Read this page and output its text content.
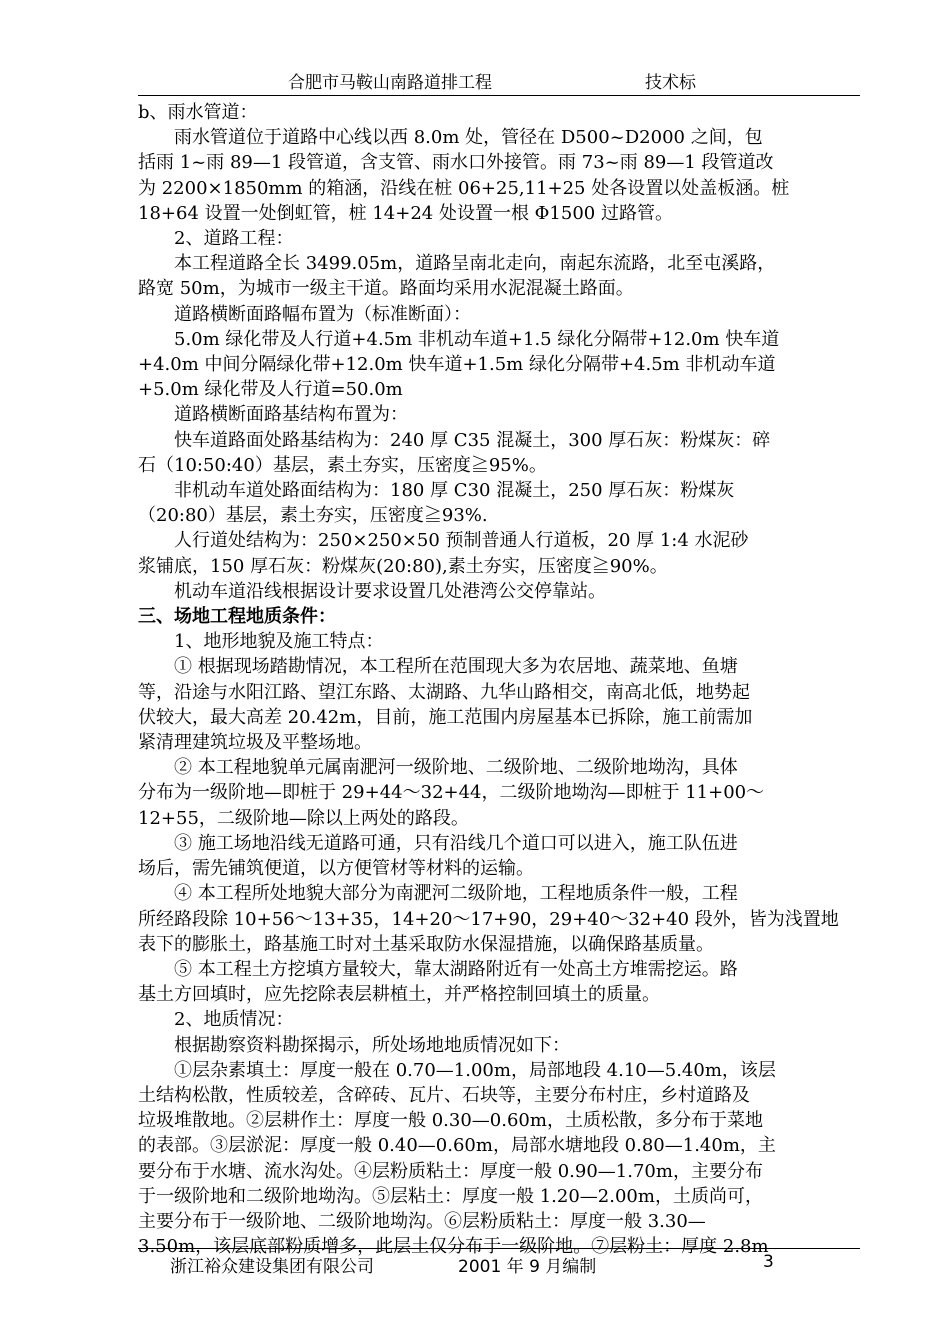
合肥市马鞍山南路道排工程	技术标

b、雨水管道：

雨水管道位于道路中心线以西 8.0m 处，管径在 D500~D2000 之间，包

括雨 1~雨 89—1 段管道，含支管、雨水口外接管。雨 73~雨 89—1 段管道改

为 2200×1850mm 的箱涵，沿线在桩 06+25,11+25 处各设置以处盖板涵。桩

18+64 设置一处倒虹管，桩 14+24 处设置一根 Φ1500 过路管。

2、道路工程：

本工程道路全长 3499.05m，道路呈南北走向，南起东流路，北至屯溪路，

路宽 50m，为城市一级主干道。路面均采用水泥混凝土路面。

道路横断面路幅布置为（标准断面）：

5.0m 绿化带及人行道+4.5m 非机动车道+1.5 绿化分隔带+12.0m 快车道

+4.0m 中间分隔绿化带+12.0m 快车道+1.5m 绿化分隔带+4.5m 非机动车道

+5.0m 绿化带及人行道=50.0m

道路横断面路基结构布置为：

快车道路面处路基结构为：240 厚 C35 混凝土，300 厚石灰：粉煤灰：碎

石（10:50:40）基层，素土夯实，压密度≧95%。

非机动车道处路面结构为：180 厚 C30 混凝土，250 厚石灰：粉煤灰

（20:80）基层，素土夯实，压密度≧93%.

人行道处结构为：250×250×50 预制普通人行道板，20 厚 1:4 水泥砂

浆铺底，150 厚石灰：粉煤灰(20:80),素土夯实，压密度≧90%。

机动车道沿线根据设计要求设置几处港湾公交停靠站。

三、场地工程地质条件：

1、地形地貌及施工特点：

① 根据现场踏勘情况，本工程所在范围现大多为农居地、蔬菜地、鱼塘

等，沿途与水阳江路、望江东路、太湖路、九华山路相交，南高北低，地势起

伏较大，最大高差 20.42m，目前，施工范围内房屋基本已拆除，施工前需加

紧清理建筑垃圾及平整场地。

② 本工程地貌单元属南淝河一级阶地、二级阶地、二级阶地坳沟，具体

分布为一级阶地—即桩于 29+44～32+44，二级阶地坳沟—即桩于 11+00～

12+55，二级阶地—除以上两处的路段。

③ 施工场地沿线无道路可通，只有沿线几个道口可以进入，施工队伍进

场后，需先铺筑便道，以方便管材等材料的运输。

④ 本工程所处地貌大部分为南淝河二级阶地，工程地质条件一般，工程

所经路段除 10+56～13+35，14+20～17+90，29+40～32+40 段外，皆为浅置地

表下的膨胀土，路基施工时对土基采取防水保湿措施，以确保路基质量。

⑤ 本工程土方挖填方量较大，靠太湖路附近有一处高土方堆需挖运。路

基土方回填时，应先挖除表层耕植土，并严格控制回填土的质量。

2、地质情况：

根据勘察资料勘探揭示，所处场地地质情况如下：

①层杂素填土：厚度一般在 0.70—1.00m，局部地段 4.10—5.40m，该层

土结构松散，性质较差，含碎砖、瓦片、石块等，主要分布村庄，乡村道路及

垃圾堆散地。②层耕作土：厚度一般 0.30—0.60m，土质松散，多分布于菜地

的表部。③层淤泥：厚度一般 0.40—0.60m，局部水塘地段 0.80—1.40m，主

要分布于水塘、流水沟处。④层粉质粘土：厚度一般 0.90—1.70m，主要分布

于一级阶地和二级阶地坳沟。⑤层粘土：厚度一般 1.20—2.00m，土质尚可，

主要分布于一级阶地、二级阶地坳沟。⑥层粉质粘土：厚度一般 3.30—

3.50m，该层底部粉质增多，此层土仅分布于一级阶地。⑦层粉土：厚度 2.8m

浙江裕众建设集团有限公司	2001 年 9 月编制	3
